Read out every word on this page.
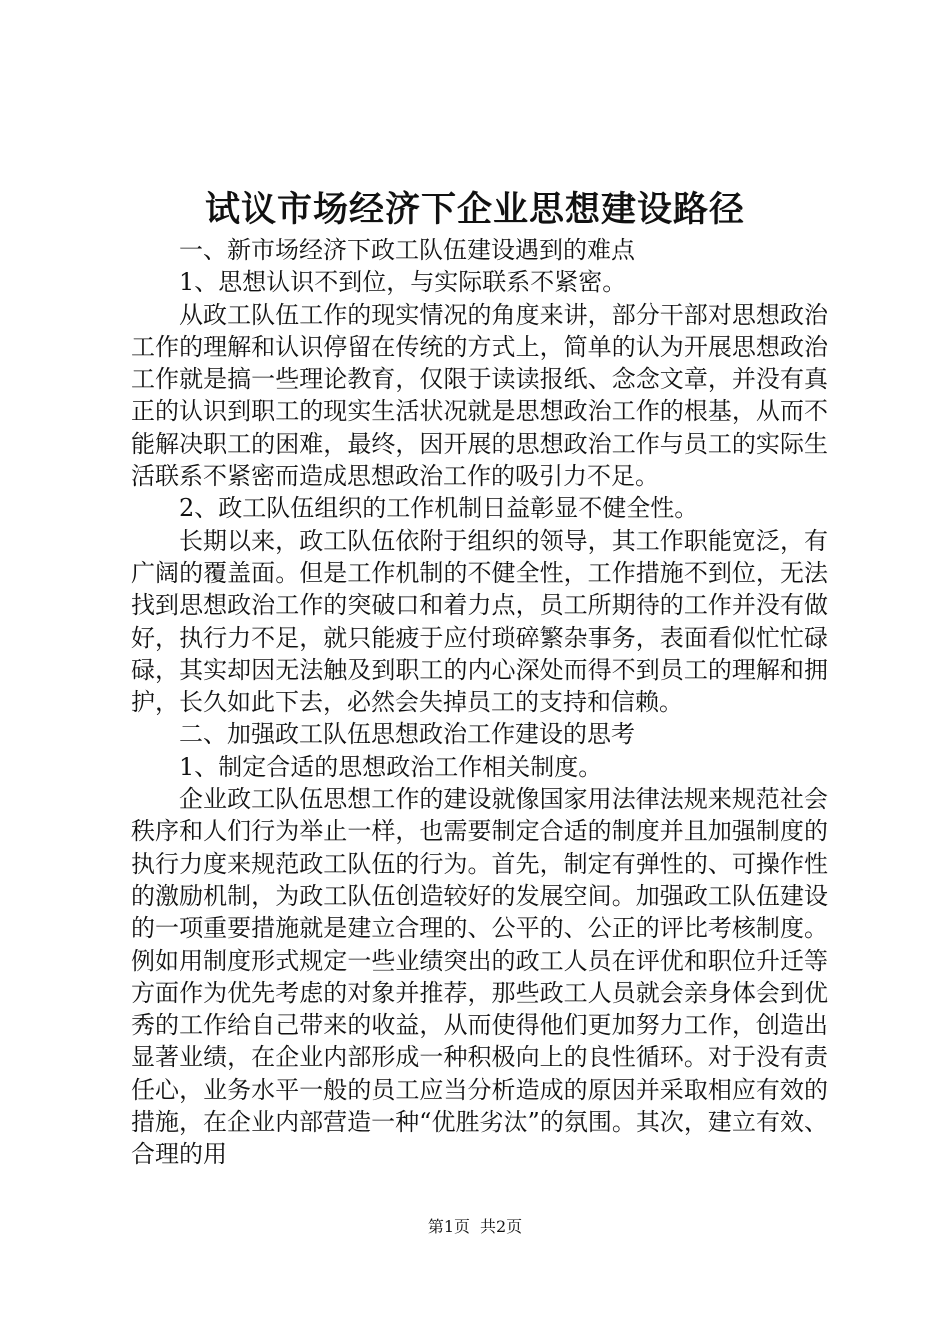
试议市场经济下企业思想建设路径

一、新市场经济下政工队伍建设遇到的难点

1、思想认识不到位，与实际联系不紧密。

从政工队伍工作的现实情况的角度来讲，部分干部对思想政治工作的理解和认识停留在传统的方式上，简单的认为开展思想政治工作就是搞一些理论教育，仅限于读读报纸、念念文章，并没有真正的认识到职工的现实生活状况就是思想政治工作的根基，从而不能解决职工的困难，最终，因开展的思想政治工作与员工的实际生活联系不紧密而造成思想政治工作的吸引力不足。

2、政工队伍组织的工作机制日益彰显不健全性。

长期以来，政工队伍依附于组织的领导，其工作职能宽泛，有广阔的覆盖面。但是工作机制的不健全性，工作措施不到位，无法找到思想政治工作的突破口和着力点，员工所期待的工作并没有做好，执行力不足，就只能疲于应付琐碎繁杂事务，表面看似忙忙碌碌，其实却因无法触及到职工的内心深处而得不到员工的理解和拥护，长久如此下去，必然会失掉员工的支持和信赖。

二、加强政工队伍思想政治工作建设的思考

1、制定合适的思想政治工作相关制度。

企业政工队伍思想工作的建设就像国家用法律法规来规范社会秩序和人们行为举止一样，也需要制定合适的制度并且加强制度的执行力度来规范政工队伍的行为。首先，制定有弹性的、可操作性的激励机制，为政工队伍创造较好的发展空间。加强政工队伍建设的一项重要措施就是建立合理的、公平的、公正的评比考核制度。例如用制度形式规定一些业绩突出的政工人员在评优和职位升迁等方面作为优先考虑的对象并推荐，那些政工人员就会亲身体会到优秀的工作给自己带来的收益，从而使得他们更加努力工作，创造出显著业绩，在企业内部形成一种积极向上的良性循环。对于没有责任心，业务水平一般的员工应当分析造成的原因并采取相应有效的措施，在企业内部营造一种“优胜劣汰”的氛围。其次，建立有效、合理的用

第1页 共2页
